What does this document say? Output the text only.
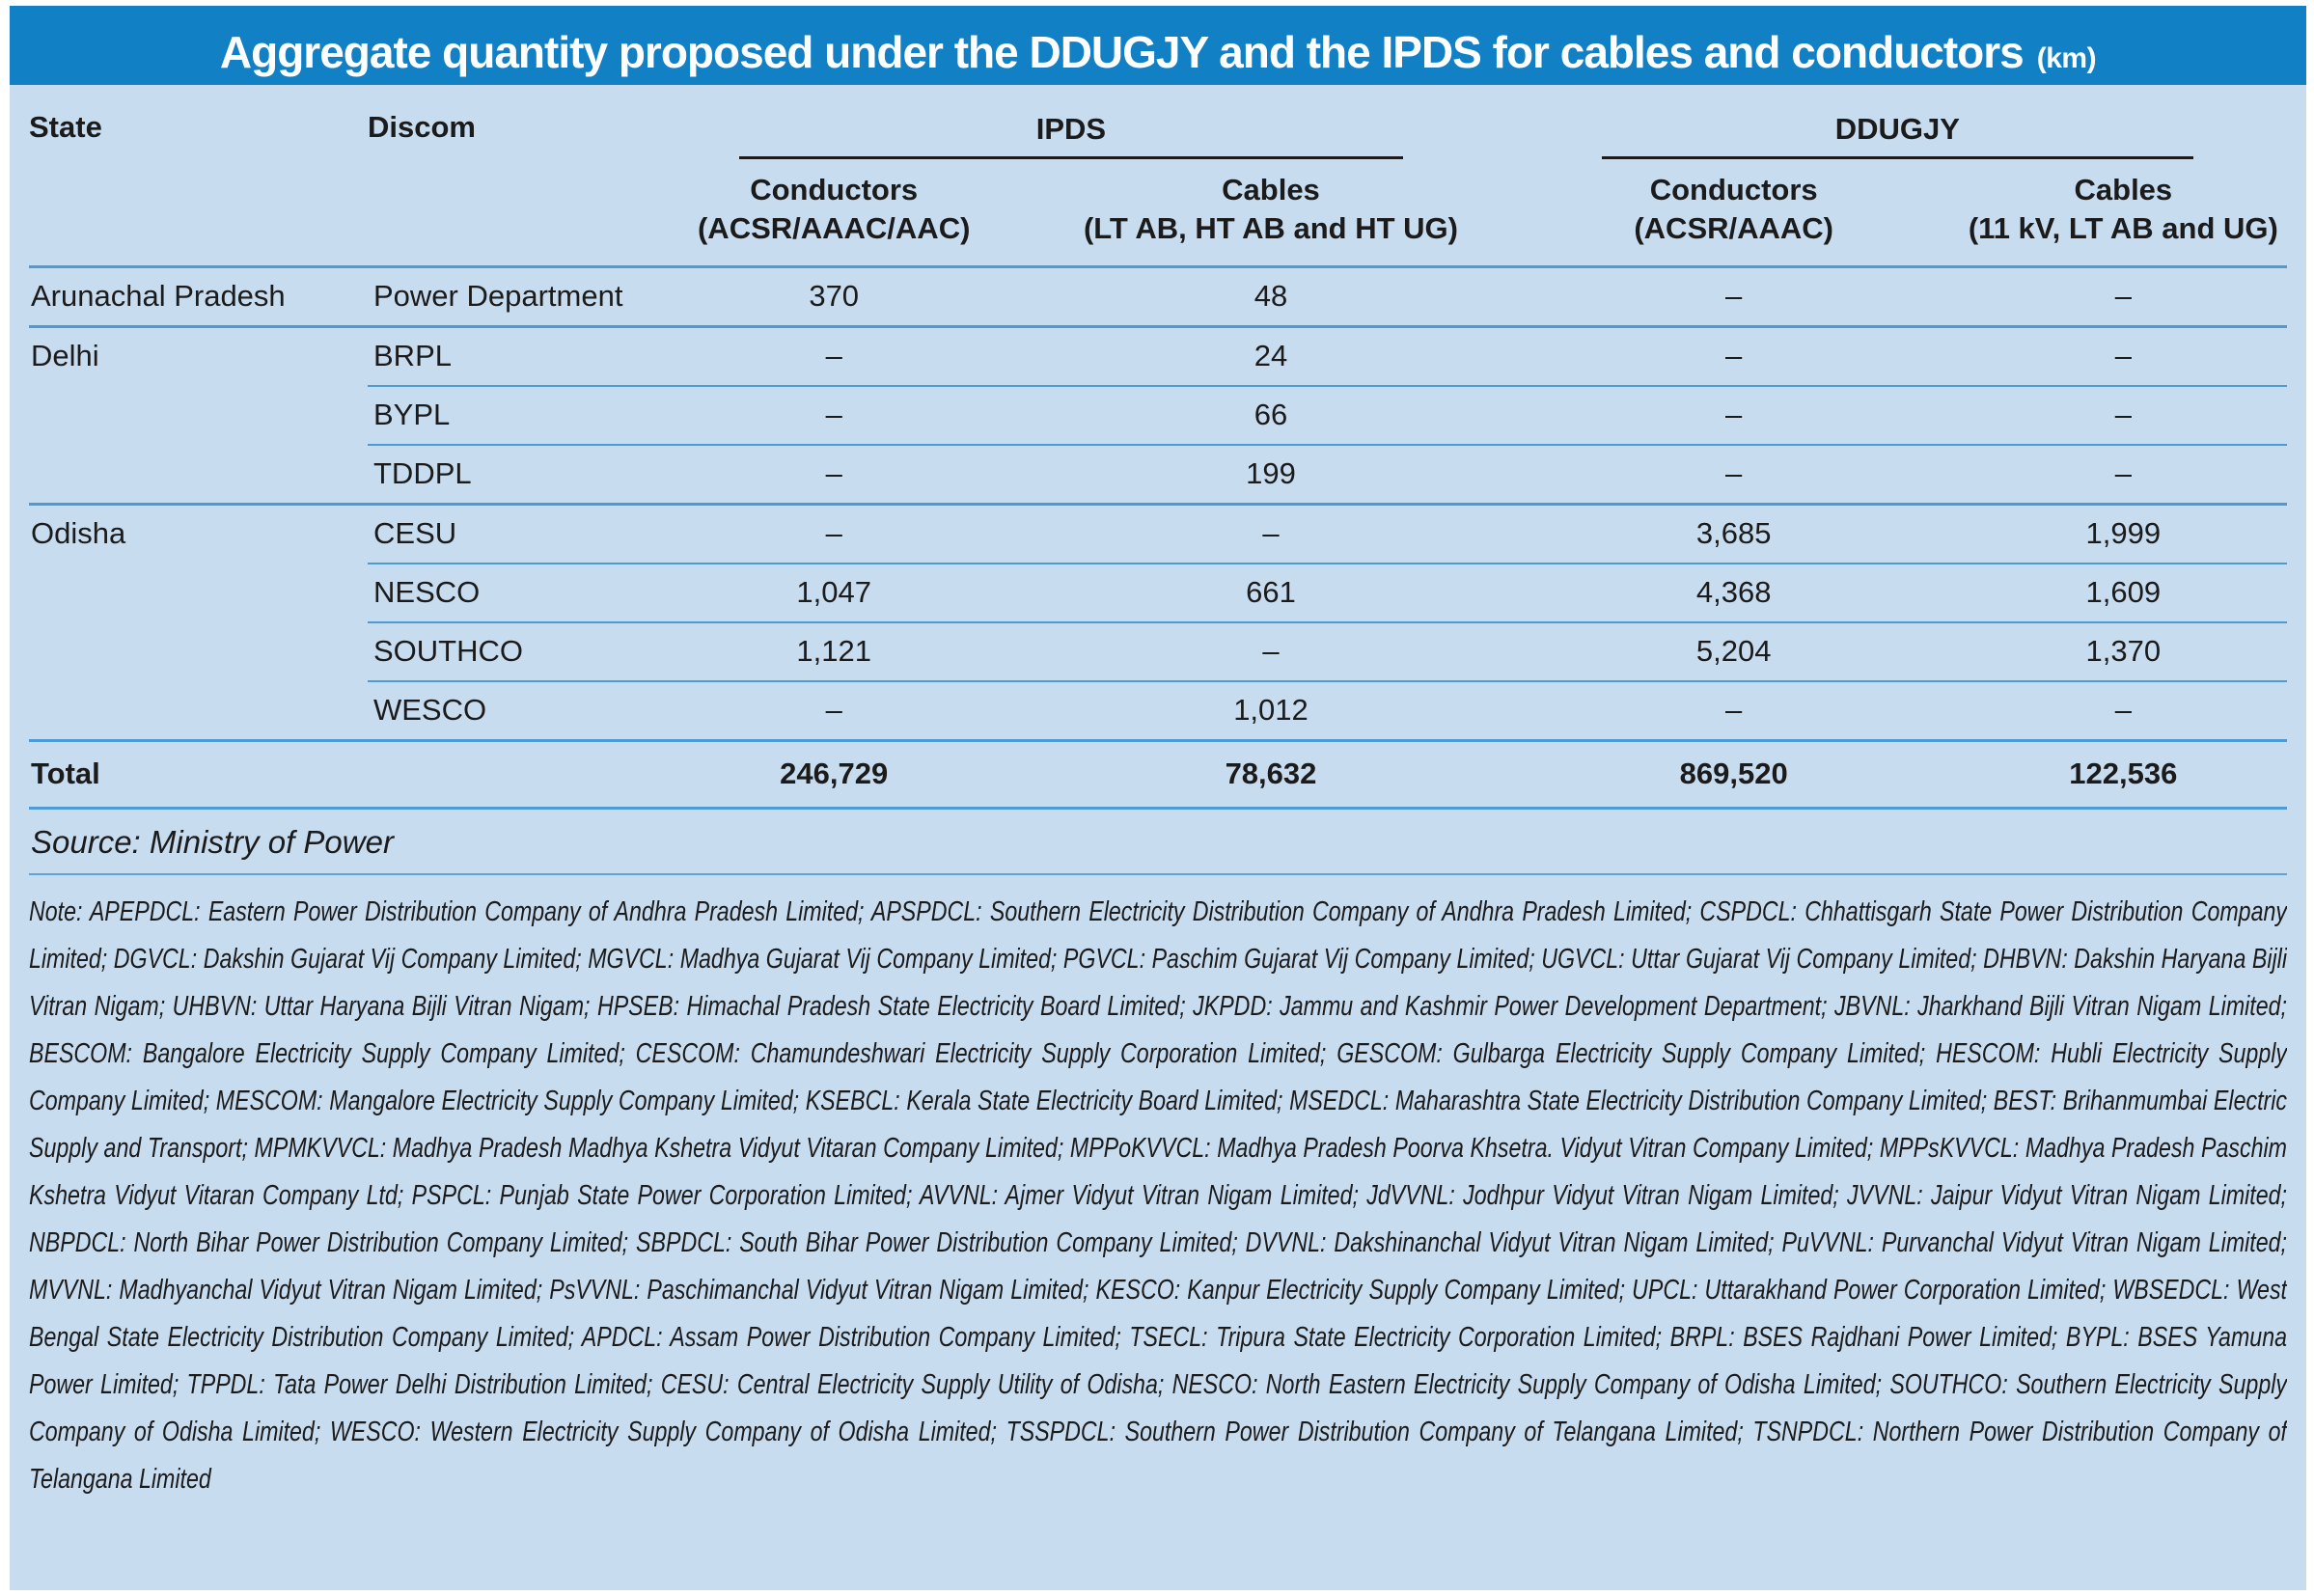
Aggregate quantity proposed under the DDUGJY and the IPDS for cables and conductors (km)
State	Discom	IPDS		DDUGJY	

Conductors
(ACSR/AAAC/AAC)

Cables
(LT AB, HT AB and HT UG)

Conductors
(ACSR/AAAC)

Cables
(11 kV, LT AB and UG)

Arunachal Pradesh	Power Department	370	48	–	–
Delhi	BRPL	–	24	–	–
	BYPL	–	66	–	–
	TDDPL	–	199	–	–
Odisha	CESU	–	–	3,685	1,999
	NESCO	1,047	661	4,368	1,609
	SOUTHCO	1,121	–	5,204	1,370
	WESCO	–	1,012	–	–
Total		246,729	78,632	869,520	122,536
Source: Ministry of Power
Note: APEPDCL: Eastern Power Distribution Company of Andhra Pradesh Limited; APSPDCL: Southern Electricity Distribution Company of Andhra Pradesh Limited; CSPDCL: Chhattisgarh State Power Distribution Company Limited; DGVCL: Dakshin Gujarat Vij Company Limited; MGVCL: Madhya Gujarat Vij Company Limited; PGVCL: Paschim Gujarat Vij Company Limited; UGVCL: Uttar Gujarat Vij Company Limited; DHBVN: Dakshin Haryana Bijli Vitran Nigam; UHBVN: Uttar Haryana Bijli Vitran Nigam; HPSEB: Himachal Pradesh State Electricity Board Limited; JKPDD: Jammu and Kashmir Power Development Department; JBVNL: Jharkhand Bijli Vitran Nigam Limited; BESCOM: Bangalore Electricity Supply Company Limited; CESCOM: Chamundeshwari Electricity Supply Corporation Limited; GESCOM: Gulbarga Electricity Supply Company Limited; HESCOM: Hubli Electricity Supply Company Limited; MESCOM: Mangalore Electricity Supply Company Limited; KSEBCL: Kerala State Electricity Board Limited; MSEDCL: Maharashtra State Electricity Distribution Company Limited; BEST: Brihanmumbai Electric Supply and Transport; MPMKVVCL: Madhya Pradesh Madhya Kshetra Vidyut Vitaran Company Limited; MPPoKVVCL: Madhya Pradesh Poorva Khsetra. Vidyut Vitran Company Limited; MPPsKVVCL: Madhya Pradesh Paschim Kshetra Vidyut Vitaran Company Ltd; PSPCL: Punjab State Power Corporation Limited; AVVNL: Ajmer Vidyut Vitran Nigam Limited; JdVVNL: Jodhpur Vidyut Vitran Nigam Limited; JVVNL: Jaipur Vidyut Vitran Nigam Limited; NBPDCL: North Bihar Power Distribution Company Limited; SBPDCL: South Bihar Power Distribution Company Limited; DVVNL: Dakshinanchal Vidyut Vitran Nigam Limited; PuVVNL: Purvanchal Vidyut Vitran Nigam Limited; MVVNL: Madhyanchal Vidyut Vitran Nigam Limited; PsVVNL: Paschimanchal Vidyut Vitran Nigam Limited; KESCO: Kanpur Electricity Supply Company Limited; UPCL: Uttarakhand Power Corporation Limited; WBSEDCL: West Bengal State Electricity Distribution Company Limited; APDCL: Assam Power Distribution Company Limited; TSECL: Tripura State Electricity Corporation Limited; BRPL: BSES Rajdhani Power Limited; BYPL: BSES Yamuna Power Limited; TPPDL: Tata Power Delhi Distribution Limited; CESU: Central Electricity Supply Utility of Odisha; NESCO: North Eastern Electricity Supply Company of Odisha Limited; SOUTHCO: Southern Electricity Supply Company of Odisha Limited; WESCO: Western Electricity Supply Company of Odisha Limited; TSSPDCL: Southern Power Distribution Company of Telangana Limited; TSNPDCL: Northern Power Distribution Company of Telangana Limited
